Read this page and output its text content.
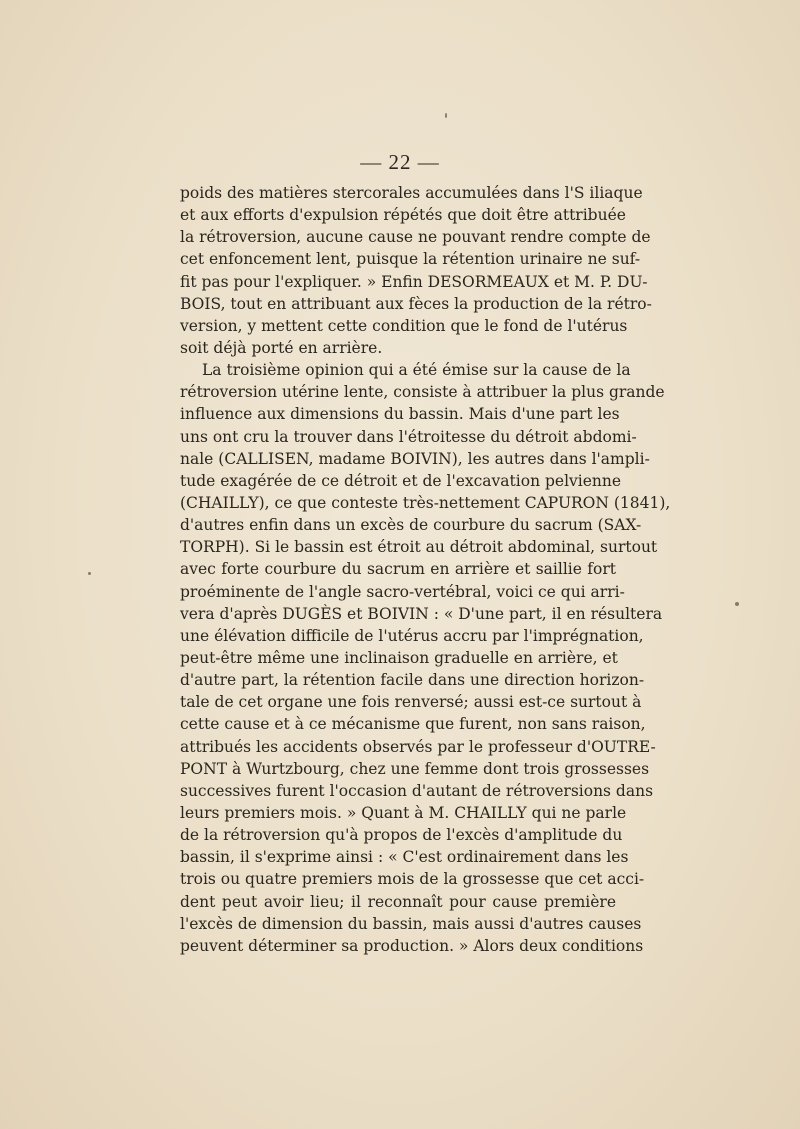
— 22 —
poids des matières stercorales accumulées dans l'S iliaque
et aux efforts d'expulsion répétés que doit être attribuée
la rétroversion, aucune cause ne pouvant rendre compte de
cet enfoncement lent, puisque la rétention urinaire ne suf-
fit pas pour l'expliquer. » Enfin DESORMEAUX et M. P. DU-
BOIS, tout en attribuant aux fèces la production de la rétro-
version, y mettent cette condition que le fond de l'utérus
soit déjà porté en arrière.
La troisième opinion qui a été émise sur la cause de la
rétroversion utérine lente, consiste à attribuer la plus grande
influence aux dimensions du bassin. Mais d'une part les
uns ont cru la trouver dans l'étroitesse du détroit abdomi-
nale (CALLISEN, madame BOIVIN), les autres dans l'ampli-
tude exagérée de ce détroit et de l'excavation pelvienne
(CHAILLY), ce que conteste très-nettement CAPURON (1841),
d'autres enfin dans un excès de courbure du sacrum (SAX-
TORPH). Si le bassin est étroit au détroit abdominal, surtout
avec forte courbure du sacrum en arrière et saillie fort
proéminente de l'angle sacro-vertébral, voici ce qui arri-
vera d'après DUGÈS et BOIVIN : « D'une part, il en résultera
une élévation difficile de l'utérus accru par l'imprégnation,
peut-être même une inclinaison graduelle en arrière, et
d'autre part, la rétention facile dans une direction horizon-
tale de cet organe une fois renversé; aussi est-ce surtout à
cette cause et à ce mécanisme que furent, non sans raison,
attribués les accidents observés par le professeur d'OUTRE-
PONT à Wurtzbourg, chez une femme dont trois grossesses
successives furent l'occasion d'autant de rétroversions dans
leurs premiers mois. » Quant à M. CHAILLY qui ne parle
de la rétroversion qu'à propos de l'excès d'amplitude du
bassin, il s'exprime ainsi : « C'est ordinairement dans les
trois ou quatre premiers mois de la grossesse que cet acci-
dent peut avoir lieu; il reconnaît pour cause première
l'excès de dimension du bassin, mais aussi d'autres causes
peuvent déterminer sa production. » Alors deux conditions
